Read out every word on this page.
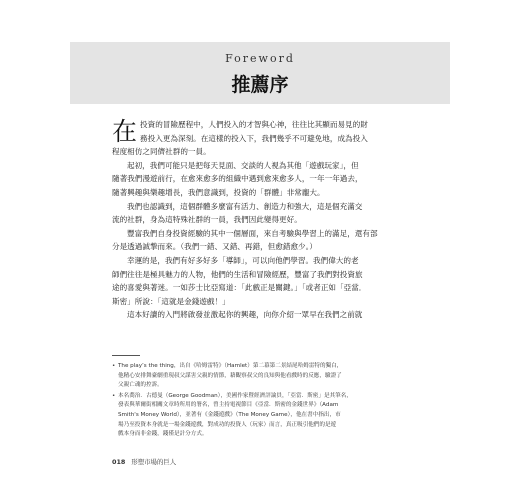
Foreword
推薦序
在 投資的冒險歷程中，人們投入的才智與心神，往往比其顯而易見的財
務投入更為深刻。在這樣的投入下，我們幾乎不可避免地，成為投入
程度相仿之同儕社群的一員。
起初，我們可能只是把每天見面、交談的人視為其他「遊戲玩家」，但
隨著我們漫遊前行，在愈來愈多的組織中遇到愈來愈多人，一年一年過去，
隨著興趣與樂趣增長，我們意識到，投資的「群體」非常龐大。
我們也認識到，這個群體多麼富有活力、創造力和強大，這是個充滿交
流的社群，身為這特殊社群的一員，我們因此變得更好。
豐富我們自身投資經驗的其中一個層面，來自考驗與學習上的滿足，還有部
分是透過誠摯而來。（我們一錯、又錯、再錯，但愈錯愈少。）
幸運的是，我們有好多好多「導師」，可以向他們學習。我們偉大的老
師們往往是極具魅力的人物，他們的生活和冒險經歷，豐富了我們對投資旅
途的喜愛與著迷。一如莎士比亞寫道：「此戲正是關鍵。」「或者正如「亞當．
斯密」所說：「這就是金錢遊戲！」
這本好讀的入門將啟發並激起你的興趣，向你介紹一眾早在我們之前就
• The play’s the thing，出自《哈姆雷特》（Hamlet）第二幕第二景結尾哈姆雷特的獨白，
他精心安排舞臺劇重現叔父謀害父親的情節，藉觀察叔父的良知與他看戲時的反應，驗證了
父親亡魂的控訴。
• 本名喬治．古德曼（George Goodman），美國作家暨經濟評論員，「亞當．斯密」是其筆名，
發表與華爾街相關文章時所用的署名，曾主持電視節目《亞當．斯密的金錢世界》（Adam
Smith's Money World），並著有《金錢遊戲》（The Money Game），他在書中指出，市
場乃至投資本身就是一場金錢遊戲，對成功的投資人（玩家）而言，真正吸引他們的是遊
戲本身而非金錢，錢僅是計分方式。
018 形塑市場的巨人
